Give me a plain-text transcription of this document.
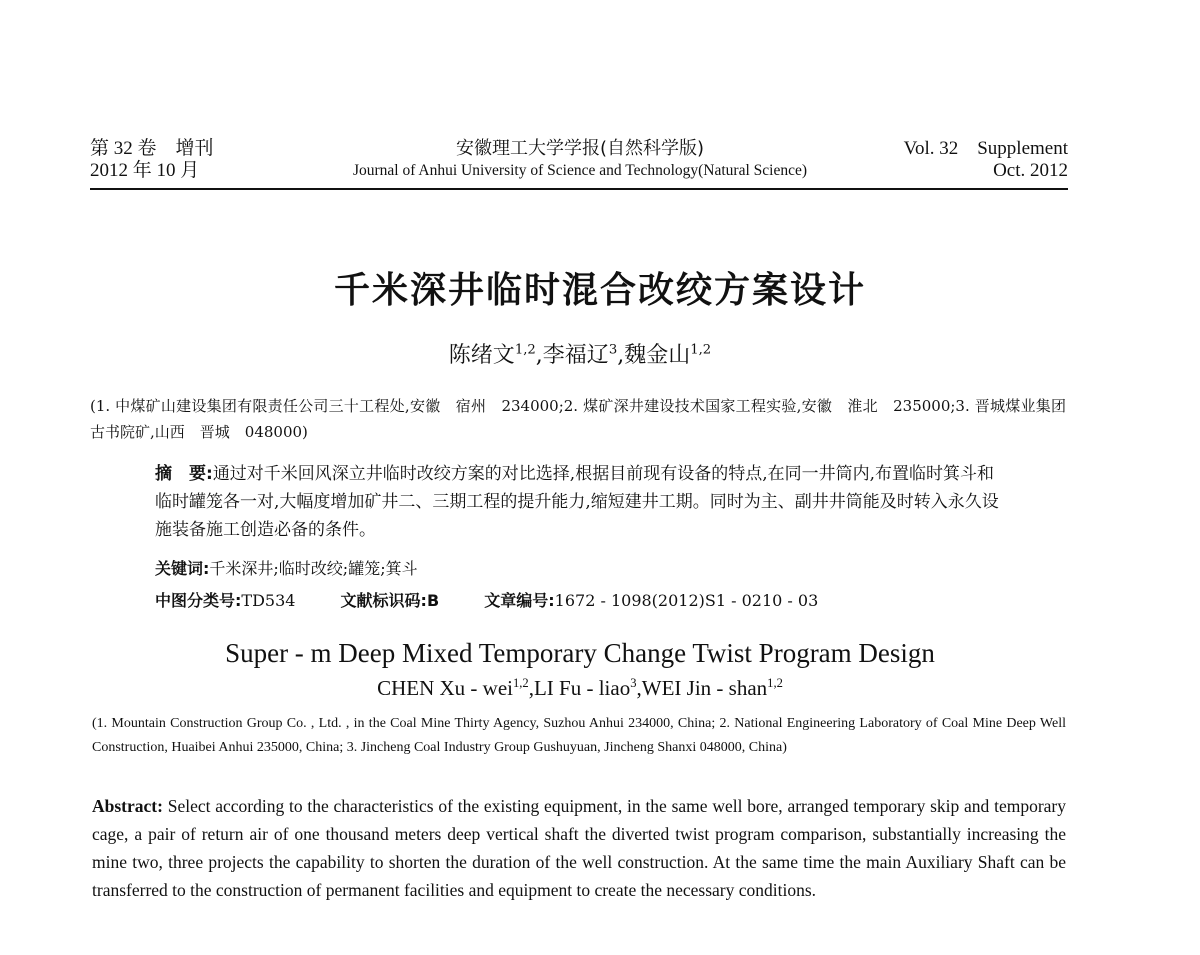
第 32 卷　增刊
2012 年 10 月
安徽理工大学学报(自然科学版)
Journal of Anhui University of Science and Technology(Natural Science)
Vol. 32　Supplement
Oct. 2012
千米深井临时混合改绞方案设计
陈绪文$^{1,2}$,李福辽$^3$,魏金山$^{1,2}$
(1. 中煤矿山建设集团有限责任公司三十工程处,安徽　宿州　234000;2. 煤矿深井建设技术国家工程实验,安徽　淮北　235000;3. 晋城煤业集团古书院矿,山西　晋城　048000)
摘　要:通过对千米回风深立井临时改绞方案的对比选择,根据目前现有设备的特点,在同一井筒内,布置临时箕斗和临时罐笼各一对,大幅度增加矿井二、三期工程的提升能力,缩短建井工期。同时为主、副井井筒能及时转入永久设施装备施工创造必备的条件。
关键词:千米深井;临时改绞;罐笼;箕斗
中图分类号:TD534	文献标识码:B	文章编号:1672 - 1098(2012)S1 - 0210 - 03
Super - m Deep Mixed Temporary Change Twist Program Design
CHEN Xu - wei$^{1,2}$,LI Fu - liao$^3$,WEI Jin - shan$^{1,2}$
(1. Mountain Construction Group Co. , Ltd. , in the Coal Mine Thirty Agency, Suzhou Anhui 234000, China; 2. National Engineering Laboratory of Coal Mine Deep Well Construction, Huaibei Anhui 235000, China; 3. Jincheng Coal Industry Group Gushuyuan, Jincheng Shanxi 048000, China)
Abstract: Select according to the characteristics of the existing equipment, in the same well bore, arranged temporary skip and temporary cage, a pair of return air of one thousand meters deep vertical shaft the diverted twist program comparison, substantially increasing the mine two, three projects the capability to shorten the duration of the well construction. At the same time the main Auxiliary Shaft can be transferred to the construction of permanent facilities and equipment to create the necessary conditions.
